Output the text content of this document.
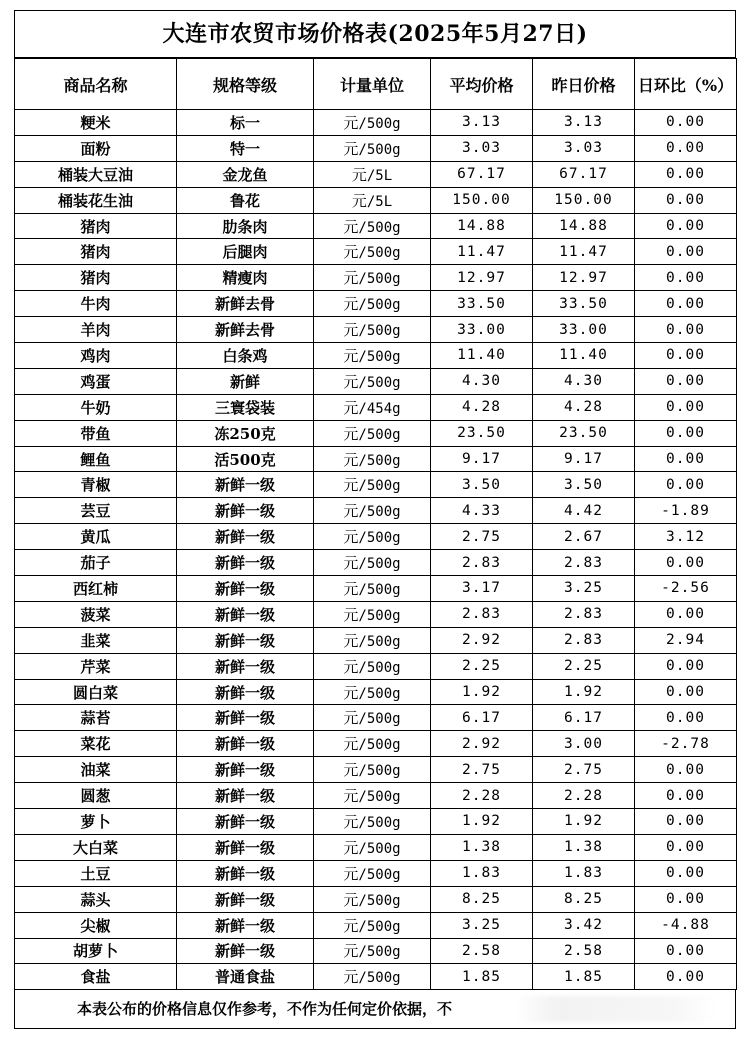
大连市农贸市场价格表(2025年5月27日)
商品名称	规格等级	计量单位	平均价格	昨日价格	日环比（%）
粳米	标一	元/500g	3.13	3.13	0.00
面粉	特一	元/500g	3.03	3.03	0.00
桶装大豆油	金龙鱼	元/5L	67.17	67.17	0.00
桶装花生油	鲁花	元/5L	150.00	150.00	0.00
猪肉	肋条肉	元/500g	14.88	14.88	0.00
猪肉	后腿肉	元/500g	11.47	11.47	0.00
猪肉	精瘦肉	元/500g	12.97	12.97	0.00
牛肉	新鲜去骨	元/500g	33.50	33.50	0.00
羊肉	新鲜去骨	元/500g	33.00	33.00	0.00
鸡肉	白条鸡	元/500g	11.40	11.40	0.00
鸡蛋	新鲜	元/500g	4.30	4.30	0.00
牛奶	三寰袋装	元/454g	4.28	4.28	0.00
带鱼	冻250克	元/500g	23.50	23.50	0.00
鲤鱼	活500克	元/500g	9.17	9.17	0.00
青椒	新鲜一级	元/500g	3.50	3.50	0.00
芸豆	新鲜一级	元/500g	4.33	4.42	-1.89
黄瓜	新鲜一级	元/500g	2.75	2.67	3.12
茄子	新鲜一级	元/500g	2.83	2.83	0.00
西红柿	新鲜一级	元/500g	3.17	3.25	-2.56
菠菜	新鲜一级	元/500g	2.83	2.83	0.00
韭菜	新鲜一级	元/500g	2.92	2.83	2.94
芹菜	新鲜一级	元/500g	2.25	2.25	0.00
圆白菜	新鲜一级	元/500g	1.92	1.92	0.00
蒜苔	新鲜一级	元/500g	6.17	6.17	0.00
菜花	新鲜一级	元/500g	2.92	3.00	-2.78
油菜	新鲜一级	元/500g	2.75	2.75	0.00
圆葱	新鲜一级	元/500g	2.28	2.28	0.00
萝卜	新鲜一级	元/500g	1.92	1.92	0.00
大白菜	新鲜一级	元/500g	1.38	1.38	0.00
土豆	新鲜一级	元/500g	1.83	1.83	0.00
蒜头	新鲜一级	元/500g	8.25	8.25	0.00
尖椒	新鲜一级	元/500g	3.25	3.42	-4.88
胡萝卜	新鲜一级	元/500g	2.58	2.58	0.00
食盐	普通食盐	元/500g	1.85	1.85	0.00
本表公布的价格信息仅作参考，不作为任何定价依据，不
